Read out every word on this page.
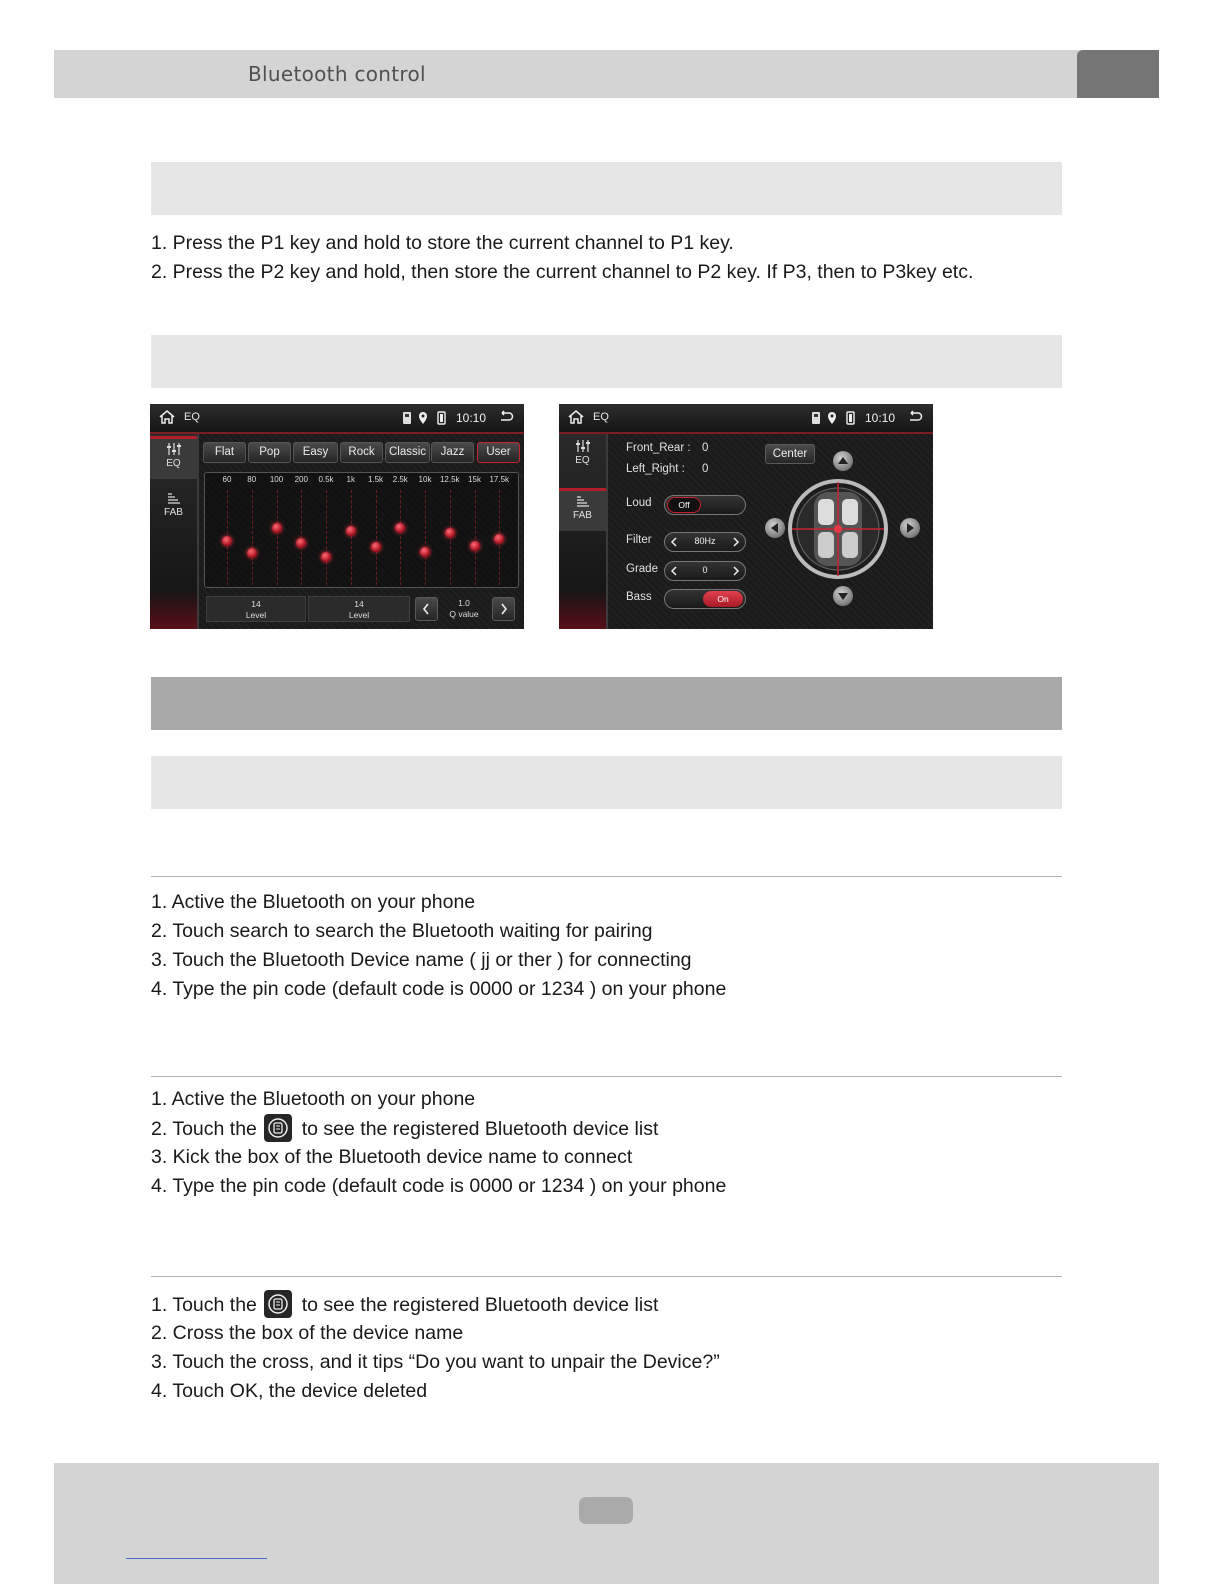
Bluetooth control
1. Press the P1 key and hold to store the current channel to P1 key.
2. Press the P2 key and hold, then store the current channel to P2 key. If P3, then to P3key etc.
EQ	10:10
EQ
FAB
Flat	Pop	Easy	Rock	Classic	Jazz	User
60	80	100	200	0.5k	1k	1.5k	2.5k	10k	12.5k	15k	17.5k
14
Level
14
Level
1.0
Q value
EQ	10:10
EQ
FAB
Front_Rear : 0
Left_Right : 0
Center
Loud	Off
Filter	80Hz
Grade	0
Bass	On
1. Active the Bluetooth on your phone
2. Touch search to search the Bluetooth waiting for pairing
3. Touch the Bluetooth Device name ( jj or ther ) for connecting
4. Type the pin code (default code is 0000 or 1234 ) on your phone
1. Active the Bluetooth on your phone
2. Touch the to see the registered Bluetooth device list
3. Kick the box of the Bluetooth device name to connect
4. Type the pin code (default code is 0000 or 1234 ) on your phone
1. Touch the to see the registered Bluetooth device list
2. Cross the box of the device name
3. Touch the cross, and it tips “Do you want to unpair the Device?”
4. Touch OK, the device deleted
